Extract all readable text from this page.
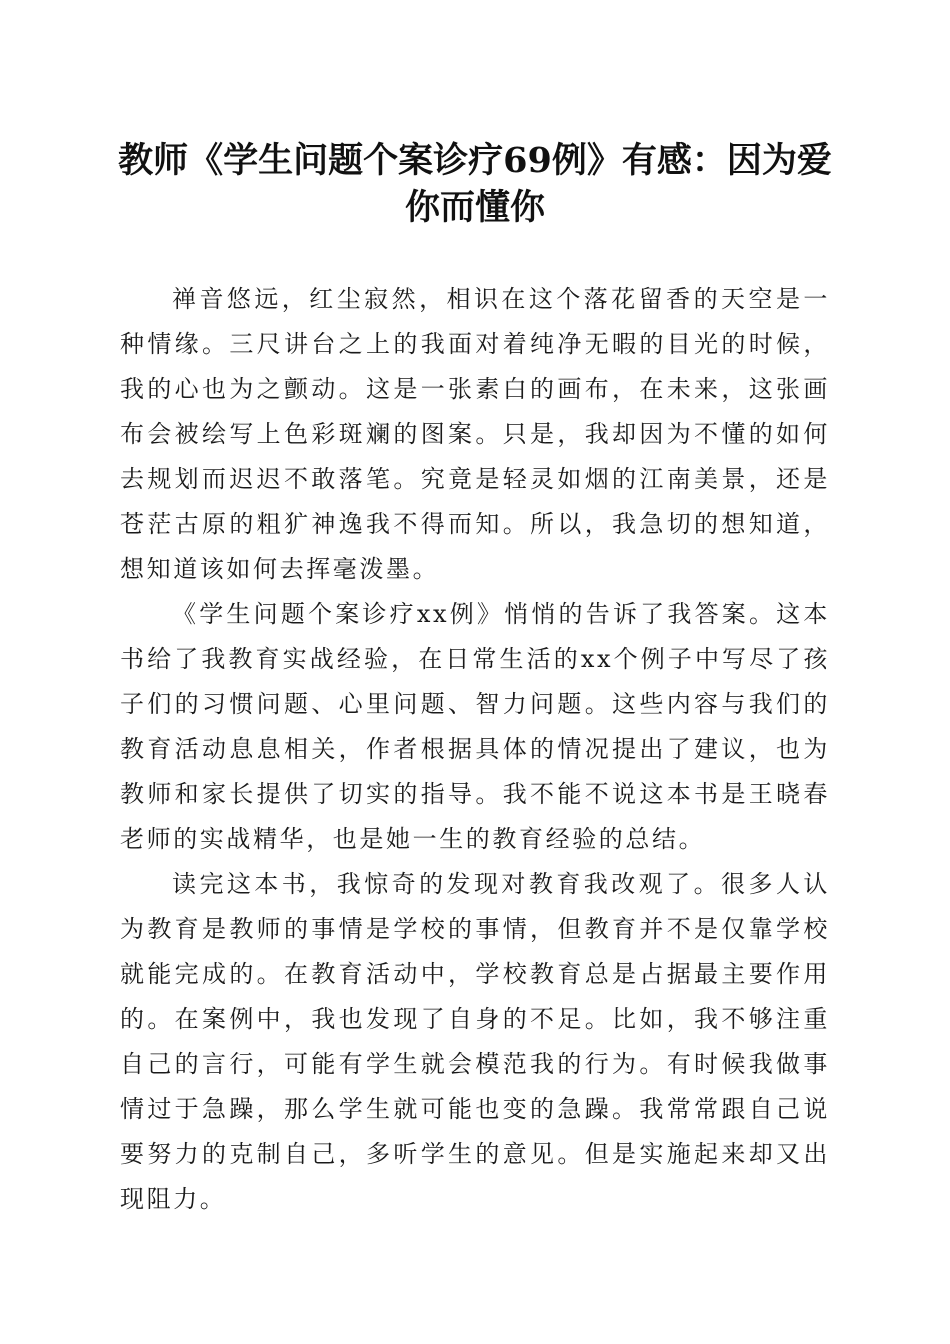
教师《学生问题个案诊疗69例》有感：因为爱你而懂你

禅音悠远，红尘寂然，相识在这个落花留香的天空是一种情缘。三尺讲台之上的我面对着纯净无暇的目光的时候，我的心也为之颤动。这是一张素白的画布，在未来，这张画布会被绘写上色彩斑斓的图案。只是，我却因为不懂的如何去规划而迟迟不敢落笔。究竟是轻灵如烟的江南美景，还是苍茫古原的粗犷神逸我不得而知。所以，我急切的想知道，想知道该如何去挥毫泼墨。

《学生问题个案诊疗xx例》悄悄的告诉了我答案。这本书给了我教育实战经验，在日常生活的xx个例子中写尽了孩子们的习惯问题、心里问题、智力问题。这些内容与我们的教育活动息息相关，作者根据具体的情况提出了建议，也为教师和家长提供了切实的指导。我不能不说这本书是王晓春老师的实战精华，也是她一生的教育经验的总结。

读完这本书，我惊奇的发现对教育我改观了。很多人认为教育是教师的事情是学校的事情，但教育并不是仅靠学校就能完成的。在教育活动中，学校教育总是占据最主要作用的。在案例中，我也发现了自身的不足。比如，我不够注重自己的言行，可能有学生就会模范我的行为。有时候我做事情过于急躁，那么学生就可能也变的急躁。我常常跟自己说要努力的克制自己，多听学生的意见。但是实施起来却又出现阻力。
